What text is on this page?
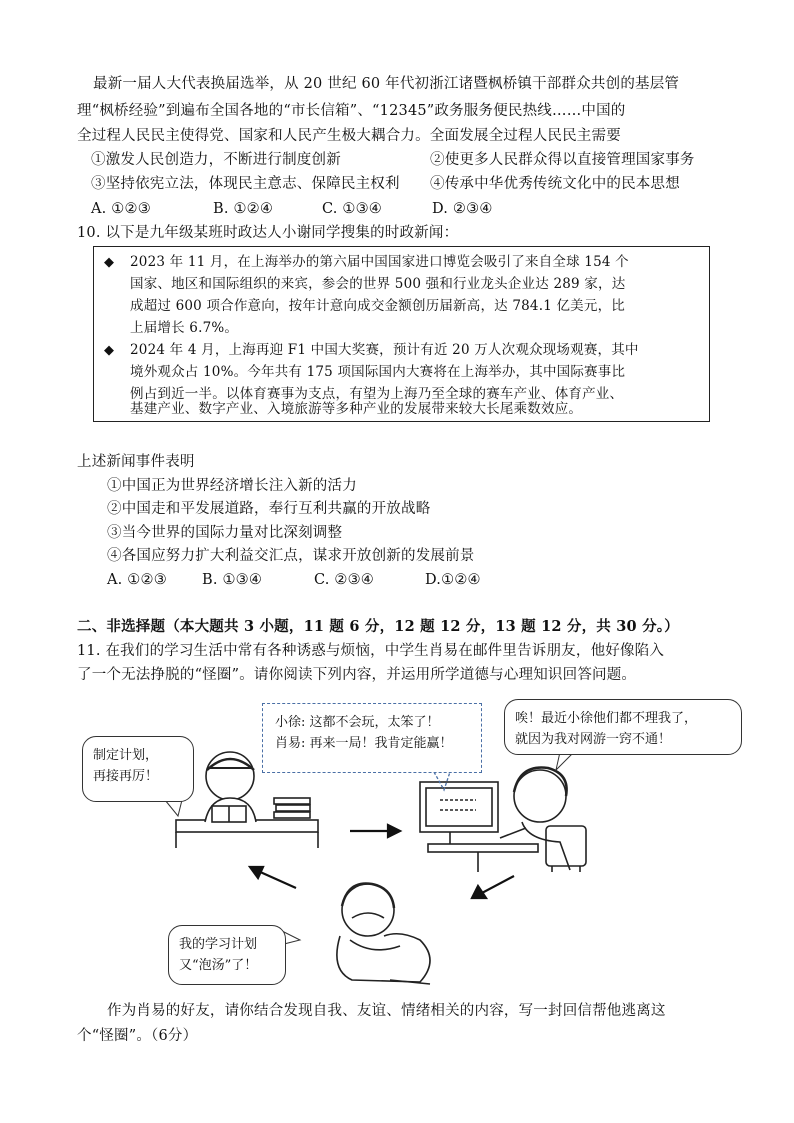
最新一届人大代表换届选举，从 20 世纪 60 年代初浙江诸暨枫桥镇干部群众共创的基层管
理“枫桥经验”到遍布全国各地的“市长信箱”、“12345”政务服务便民热线……中国的
全过程人民民主使得党、国家和人民产生极大耦合力。全面发展全过程人民民主需要
①激发人民创造力，不断进行制度创新	②使更多人民群众得以直接管理国家事务
③坚持依宪立法，体现民主意志、保障民主权利 ④传承中华优秀传统文化中的民本思想
A. ①②③	B. ①②④	C. ①③④	D. ②③④
10. 以下是九年级某班时政达人小谢同学搜集的时政新闻：
◆ 2023 年 11 月，在上海举办的第六届中国国家进口博览会吸引了来自全球 154 个
国家、地区和国际组织的来宾，参会的世界 500 强和行业龙头企业达 289 家，达
成超过 600 项合作意向，按年计意向成交金额创历届新高，达 784.1 亿美元，比
上届增长 6.7%。
◆ 2024 年 4 月，上海再迎 F1 中国大奖赛，预计有近 20 万人次观众现场观赛，其中
境外观众占 10%。今年共有 175 项国际国内大赛将在上海举办，其中国际赛事比
例占到近一半。以体育赛事为支点，有望为上海乃至全球的赛车产业、体育产业、
基建产业、数字产业、入境旅游等多种产业的发展带来较大长尾乘数效应。
上述新闻事件表明
①中国正为世界经济增长注入新的活力
②中国走和平发展道路，奉行互利共赢的开放战略
③当今世界的国际力量对比深刻调整
④各国应努力扩大利益交汇点，谋求开放创新的发展前景
A. ①②③ B. ①③④	C. ②③④	D.①②④
二、非选择题（本大题共 3 小题，11 题 6 分，12 题 12 分，13 题 12 分，共 30 分。）
11. 在我们的学习生活中常有各种诱惑与烦恼，中学生肖易在邮件里告诉朋友，他好像陷入
了一个无法挣脱的“怪圈”。请你阅读下列内容，并运用所学道德与心理知识回答问题。
制定计划，
再接再厉！
小徐: 这都不会玩，太笨了！
肖易: 再来一局！我肯定能赢！
唉！最近小徐他们都不理我了，
就因为我对网游一窍不通！
我的学习计划
又“泡汤”了！
作为肖易的好友，请你结合发现自我、友谊、情绪相关的内容，写一封回信帮他逃离这
个“怪圈”。（6分）
